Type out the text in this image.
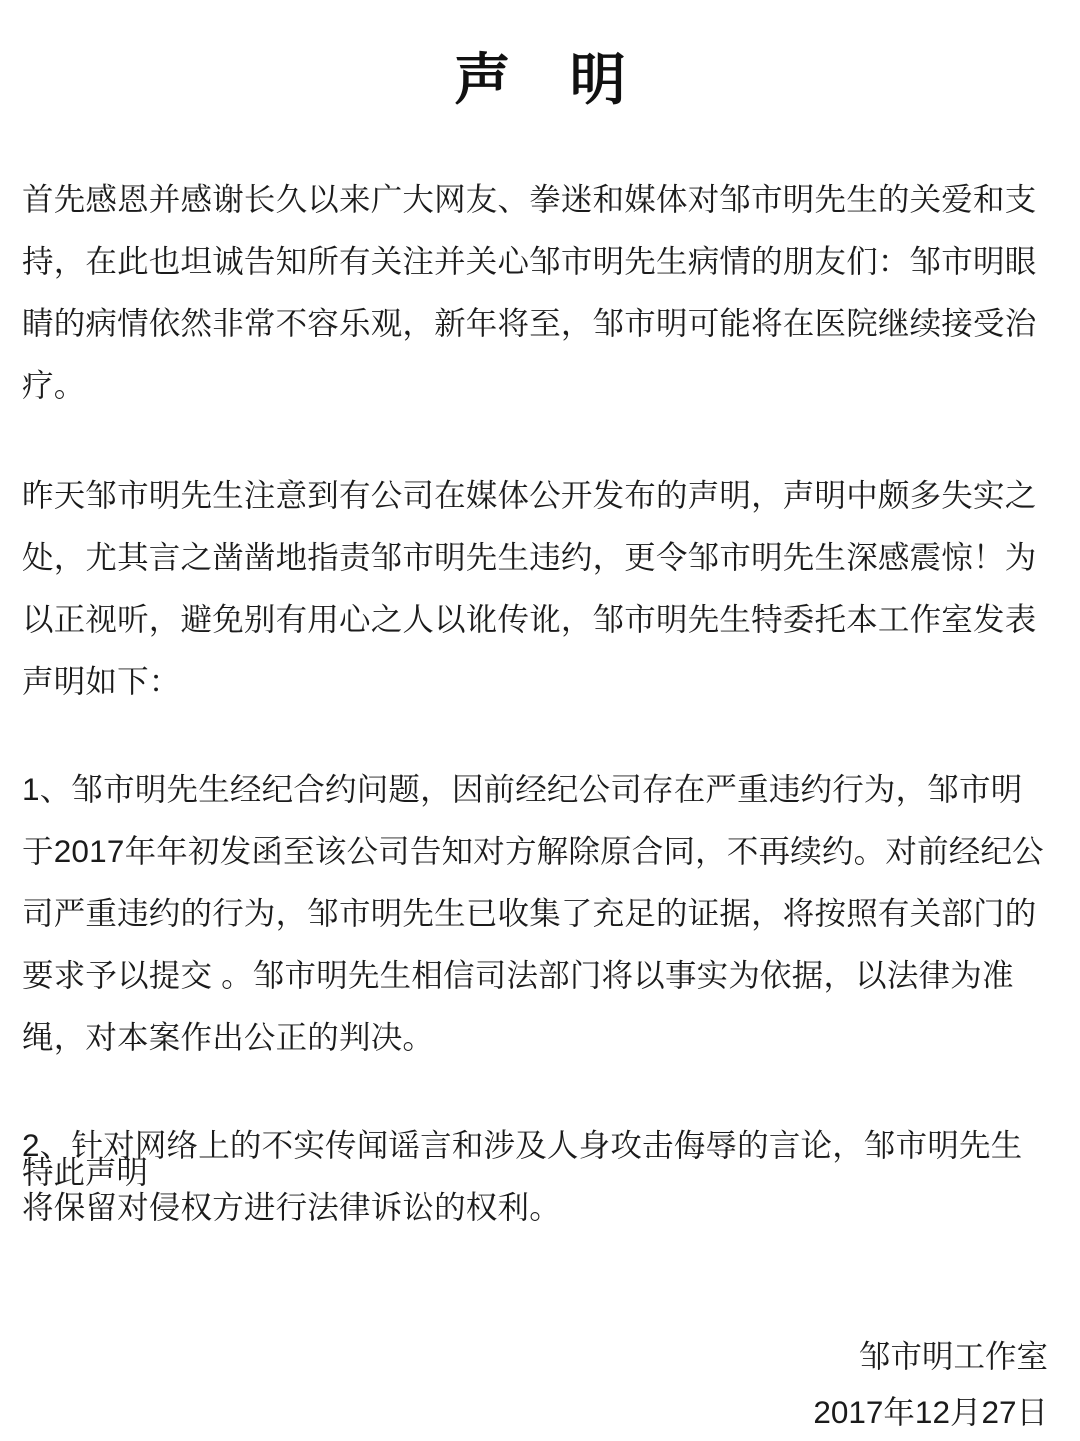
声 明

首先感恩并感谢长久以来广大网友、拳迷和媒体对邹市明先生的关爱和支持，在此也坦诚告知所有关注并关心邹市明先生病情的朋友们：邹市明眼睛的病情依然非常不容乐观，新年将至，邹市明可能将在医院继续接受治疗。

昨天邹市明先生注意到有公司在媒体公开发布的声明，声明中颇多失实之处，尤其言之凿凿地指责邹市明先生违约，更令邹市明先生深感震惊！为以正视听，避免别有用心之人以讹传讹，邹市明先生特委托本工作室发表声明如下：

1、邹市明先生经纪合约问题，因前经纪公司存在严重违约行为，邹市明于2017年年初发函至该公司告知对方解除原合同，不再续约。对前经纪公司严重违约的行为，邹市明先生已收集了充足的证据，将按照有关部门的要求予以提交 。邹市明先生相信司法部门将以事实为依据，以法律为准绳，对本案作出公正的判决。

2、针对网络上的不实传闻谣言和涉及人身攻击侮辱的言论，邹市明先生将保留对侵权方进行法律诉讼的权利。

特此声明
邹市明工作室
2017年12月27日
